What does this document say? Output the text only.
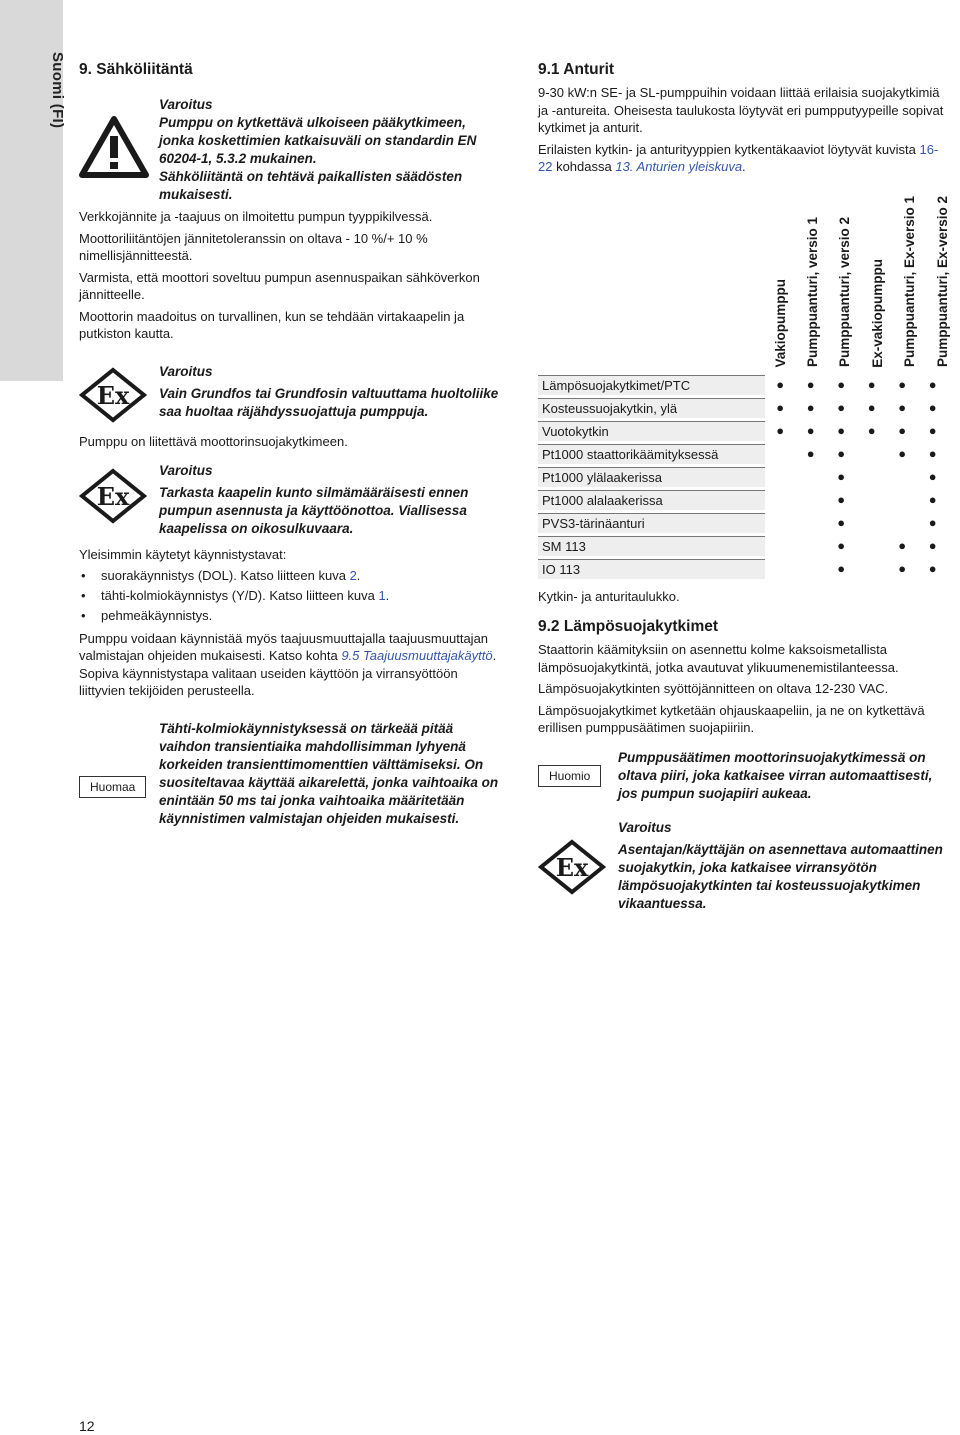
Suomi (FI) 9. Sähköliitäntä
Varoitus
Pumppu on kytkettävä ulkoiseen pääkytkimeen, jonka koskettimien katkaisuväli on standardin EN 60204-1, 5.3.2 mukainen.
Sähköliitäntä on tehtävä paikallisten säädösten mukaisesti.

Verkkojännite ja -taajuus on ilmoitettu pumpun tyyppikilvessä.

Moottoriliitäntöjen jännitetoleranssin on oltava - 10 %/+ 10 % nimellisjännitteestä.

Varmista, että moottori soveltuu pumpun asennuspaikan sähköverkon jännitteelle.

Moottorin maadoitus on turvallinen, kun se tehdään virtakaapelin ja putkiston kautta.

Ex
Varoitus
Vain Grundfos tai Grundfosin valtuuttama huoltoliike saa huoltaa räjähdyssuojattuja pumppuja.

Pumppu on liitettävä moottorinsuojakytkimeen.

Ex
Varoitus
Tarkasta kaapelin kunto silmämääräisesti ennen pumpun asennusta ja käyttöönottoa. Viallisessa kaapelissa on oikosulkuvaara.

Yleisimmin käytetyt käynnistystavat:

• suorakäynnistys (DOL). Katso liitteen kuva 2.
• tähti-kolmiokäynnistys (Y/D). Katso liitteen kuva 1.
• pehmeäkäynnistys.

Pumppu voidaan käynnistää myös taajuusmuuttajalla taajuusmuuttajan valmistajan ohjeiden mukaisesti. Katso kohta 9.5 Taajuusmuuttajakäyttö. Sopiva käynnistystapa valitaan useiden käyttöön ja virransyöttöön liittyvien tekijöiden perusteella.

Huomaa
Tähti-kolmiokäynnistyksessä on tärkeää pitää vaihdon transientiaika mahdollisimman lyhyenä korkeiden transienttimomenttien välttämiseksi. On suositeltavaa käyttää aikarelettä, jonka vaihtoaika on enintään 50 ms tai jonka vaihtoaika määritetään käynnistimen valmistajan ohjeiden mukaisesti.
9.1 Anturit

9-30 kW:n SE- ja SL-pumppuihin voidaan liittää erilaisia suojakytkimiä ja -antureita. Oheisesta taulukosta löytyvät eri pumpputyypeille sopivat kytkimet ja anturit.

Erilaisten kytkin- ja anturityyppien kytkentäkaaviot löytyvät kuvista 16-22 kohdassa 13. Anturien yleiskuva.

Vakiopumppu Pumppuanturi, versio 1 Pumppuanturi, versio 2 Ex-vakiopumppu Pumppuanturi, Ex-versio 1 Pumppuanturi, Ex-versio 2
Lämpösuojakytkimet/PTC	●	●	●	●	●	●
Kosteussuojakytkin, ylä	●	●	●	●	●	●
Vuotokytkin	●	●	●	●	●	●
Pt1000 staattorikäämityksessä		●	●		●	●
Pt1000 ylälaakerissa			●			●
Pt1000 alalaakerissa			●			●
PVS3-tärinäanturi			●			●
SM 113			●		●	●
IO 113			●		●	●

Kytkin- ja anturitaulukko.

9.2 Lämpösuojakytkimet

Staattorin käämityksiin on asennettu kolme kaksoismetallista lämpösuojakytkintä, jotka avautuvat ylikuumenemistilanteessa.

Lämpösuojakytkinten syöttöjännitteen on oltava 12-230 VAC.

Lämpösuojakytkimet kytketään ohjauskaapeliin, ja ne on kytkettävä erillisen pumppusäätimen suojapiiriin.

Huomio
Pumppusäätimen moottorinsuojakytkimessä on oltava piiri, joka katkaisee virran automaattisesti, jos pumpun suojapiiri aukeaa.
Ex
Varoitus
Asentajan/käyttäjän on asennettava automaattinen suojakytkin, joka katkaisee virransyötön lämpösuojakytkinten tai kosteussuojakytkimen vikaantuessa.
12
